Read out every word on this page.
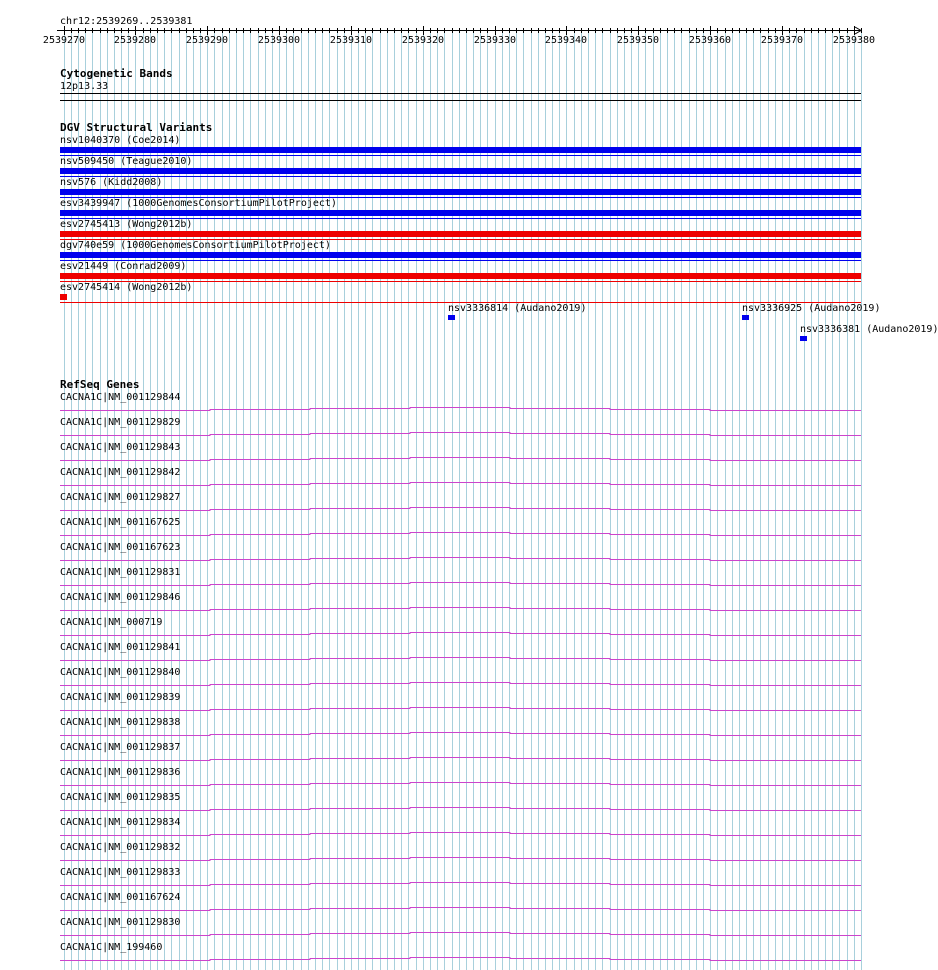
chr12:2539269..2539381
2539270	2539280	2539290	2539300	2539310	2539320	2539330	2539340	2539350	2539360	2539370	2539380
Cytogenetic Bands
12p13.33
DGV Structural Variants
nsv1040370 (Coe2014)
nsv509450 (Teague2010)
nsv576 (Kidd2008)
esv3439947 (1000GenomesConsortiumPilotProject)
esv2745413 (Wong2012b)
dgv740e59 (1000GenomesConsortiumPilotProject)
esv21449 (Conrad2009)
esv2745414 (Wong2012b)
nsv3336814 (Audano2019)	nsv3336925 (Audano2019)
nsv3336381 (Audano2019)
RefSeq Genes
CACNA1C|NM_001129844
CACNA1C|NM_001129829
CACNA1C|NM_001129843
CACNA1C|NM_001129842
CACNA1C|NM_001129827
CACNA1C|NM_001167625
CACNA1C|NM_001167623
CACNA1C|NM_001129831
CACNA1C|NM_001129846
CACNA1C|NM_000719
CACNA1C|NM_001129841
CACNA1C|NM_001129840
CACNA1C|NM_001129839
CACNA1C|NM_001129838
CACNA1C|NM_001129837
CACNA1C|NM_001129836
CACNA1C|NM_001129835
CACNA1C|NM_001129834
CACNA1C|NM_001129832
CACNA1C|NM_001129833
CACNA1C|NM_001167624
CACNA1C|NM_001129830
CACNA1C|NM_199460
